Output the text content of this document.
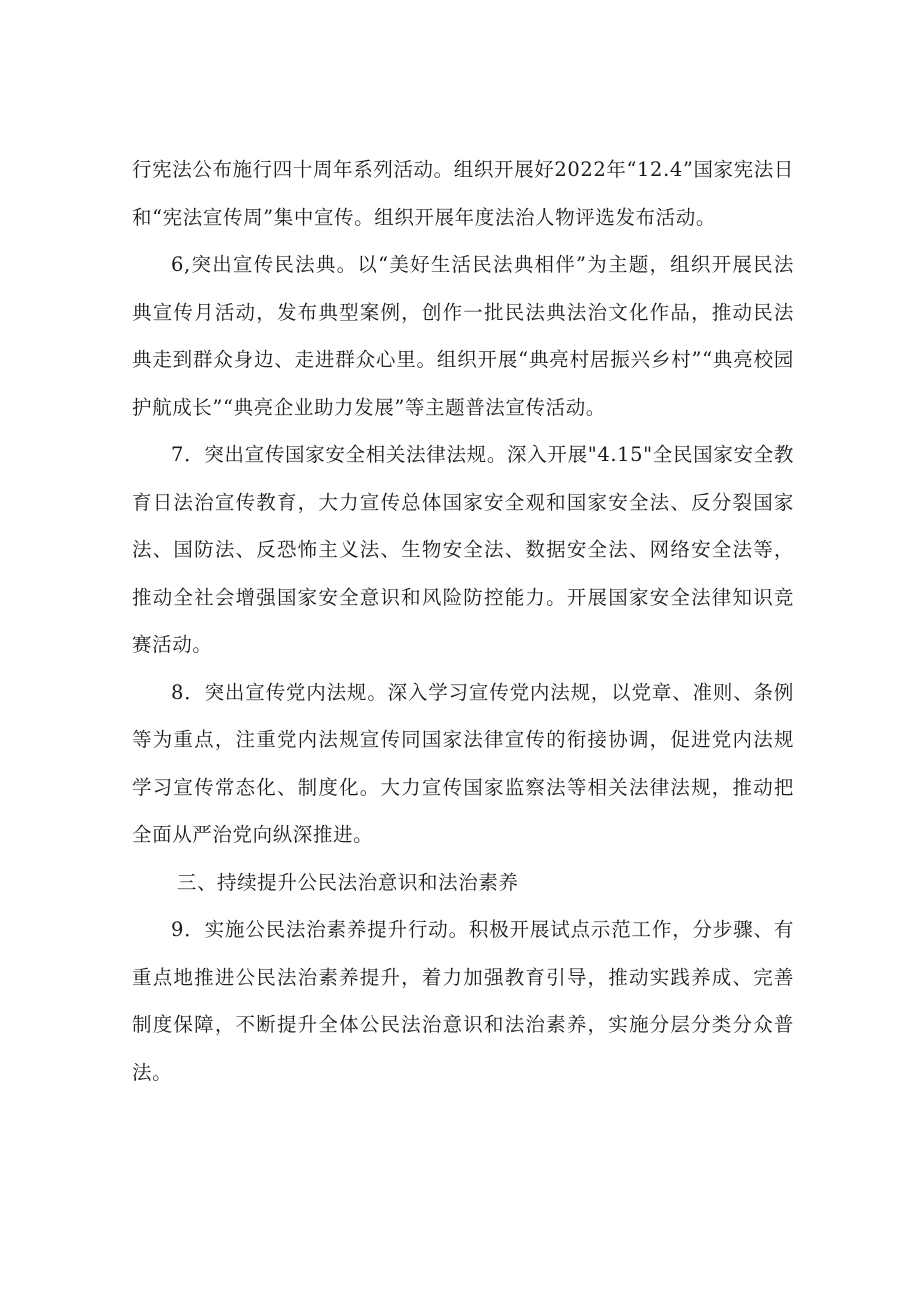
行宪法公布施行四十周年系列活动。组织开展好2022年“12.4”国家宪法日和“宪法宣传周”集中宣传。组织开展年度法治人物评选发布活动。

6,突出宣传民法典。以“美好生活民法典相伴”为主题，组织开展民法典宣传月活动，发布典型案例，创作一批民法典法治文化作品，推动民法典走到群众身边、走进群众心里。组织开展“典亮村居振兴乡村”“典亮校园护航成长”“典亮企业助力发展”等主题普法宣传活动。

7．突出宣传国家安全相关法律法规。深入开展"4.15"全民国家安全教育日法治宣传教育，大力宣传总体国家安全观和国家安全法、反分裂国家法、国防法、反恐怖主义法、生物安全法、数据安全法、网络安全法等，推动全社会增强国家安全意识和风险防控能力。开展国家安全法律知识竞赛活动。

8．突出宣传党内法规。深入学习宣传党内法规，以党章、准则、条例等为重点，注重党内法规宣传同国家法律宣传的衔接协调，促进党内法规学习宣传常态化、制度化。大力宣传国家监察法等相关法律法规，推动把全面从严治党向纵深推进。

三、持续提升公民法治意识和法治素养

9．实施公民法治素养提升行动。积极开展试点示范工作，分步骤、有重点地推进公民法治素养提升，着力加强教育引导，推动实践养成、完善制度保障，不断提升全体公民法治意识和法治素养，实施分层分类分众普法。
